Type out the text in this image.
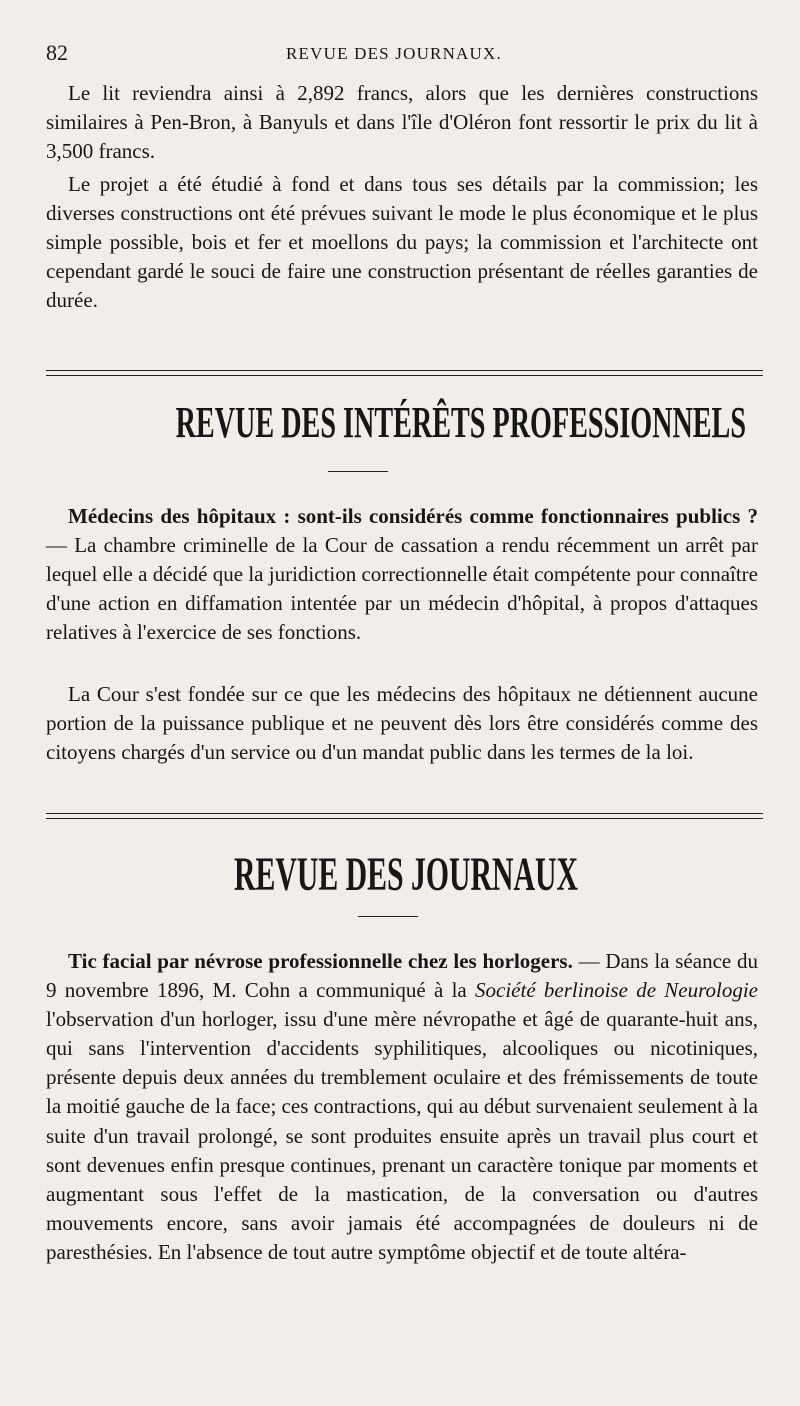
82	REVUE DES JOURNAUX.

Le lit reviendra ainsi à 2,892 francs, alors que les dernières constructions similaires à Pen-Bron, à Banyuls et dans l'île d'Oléron font ressortir le prix du lit à 3,500 francs.

Le projet a été étudié à fond et dans tous ses détails par la commission; les diverses constructions ont été prévues suivant le mode le plus économique et le plus simple possible, bois et fer et moellons du pays; la commission et l'architecte ont cependant gardé le souci de faire une construction présentant de réelles garanties de durée.

REVUE DES INTÉRÊTS PROFESSIONNELS

Médecins des hôpitaux : sont-ils considérés comme fonctionnaires publics ? — La chambre criminelle de la Cour de cassation a rendu récemment un arrêt par lequel elle a décidé que la juridiction correctionnelle était compétente pour connaître d'une action en diffamation intentée par un médecin d'hôpital, à propos d'attaques relatives à l'exercice de ses fonctions.

La Cour s'est fondée sur ce que les médecins des hôpitaux ne détiennent aucune portion de la puissance publique et ne peuvent dès lors être considérés comme des citoyens chargés d'un service ou d'un mandat public dans les termes de la loi.

REVUE DES JOURNAUX

Tic facial par névrose professionnelle chez les horlogers. — Dans la séance du 9 novembre 1896, M. Cohn a communiqué à la Société berlinoise de Neurologie l'observation d'un horloger, issu d'une mère névropathe et âgé de quarante-huit ans, qui sans l'intervention d'accidents syphilitiques, alcooliques ou nicotiniques, présente depuis deux années du tremblement oculaire et des frémissements de toute la moitié gauche de la face; ces contractions, qui au début survenaient seulement à la suite d'un travail prolongé, se sont produites ensuite après un travail plus court et sont devenues enfin presque continues, prenant un caractère tonique par moments et augmentant sous l'effet de la mastication, de la conversation ou d'autres mouvements encore, sans avoir jamais été accompagnées de douleurs ni de paresthésies. En l'absence de tout autre symptôme objectif et de toute altéra-
